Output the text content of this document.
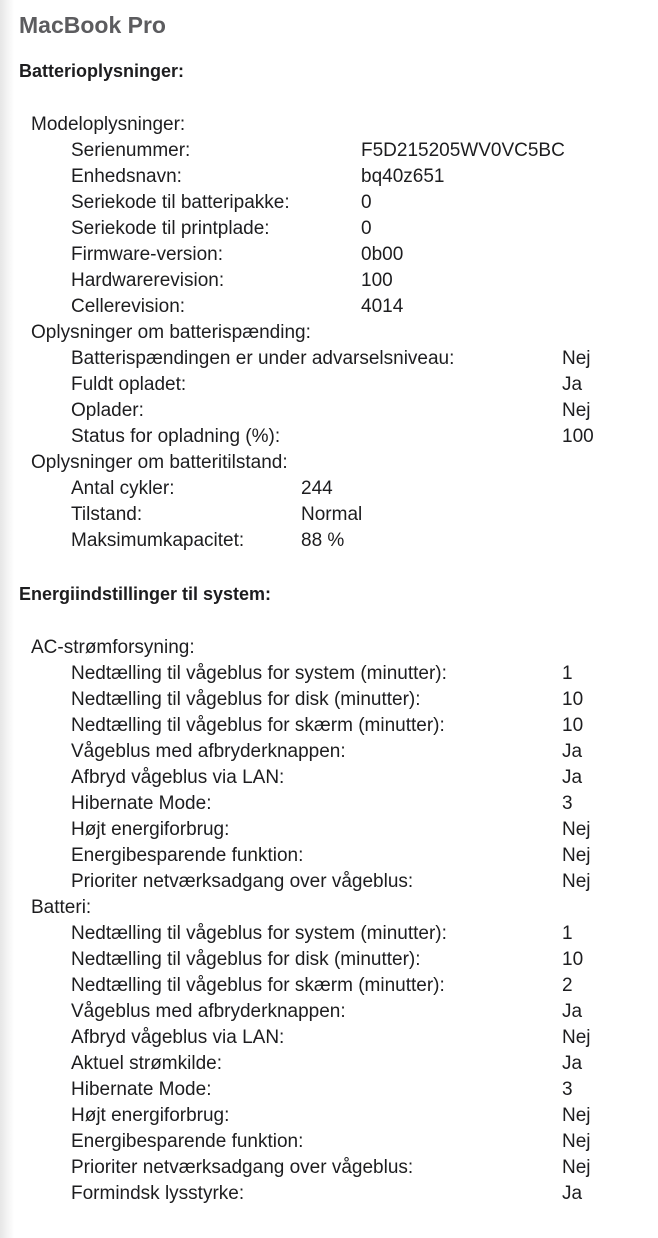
MacBook Pro
Batterioplysninger:
Modeloplysninger:
Serienummer:	F5D215205WV0VC5BC
Enhedsnavn:	bq40z651
Seriekode til batteripakke:	0
Seriekode til printplade:	0
Firmware-version:	0b00
Hardwarerevision:	100
Cellerevision:	4014
Oplysninger om batterispænding:
Batterispændingen er under advarselsniveau:	Nej
Fuldt opladet:	Ja
Oplader:	Nej
Status for opladning (%):	100
Oplysninger om batteritilstand:
Antal cykler:	244
Tilstand:	Normal
Maksimumkapacitet:	88 %
Energiindstillinger til system:
AC-strømforsyning:
Nedtælling til vågeblus for system (minutter):	1
Nedtælling til vågeblus for disk (minutter):	10
Nedtælling til vågeblus for skærm (minutter):	10
Vågeblus med afbryderknappen:	Ja
Afbryd vågeblus via LAN:	Ja
Hibernate Mode:	3
Højt energiforbrug:	Nej
Energibesparende funktion:	Nej
Prioriter netværksadgang over vågeblus:	Nej
Batteri:
Nedtælling til vågeblus for system (minutter):	1
Nedtælling til vågeblus for disk (minutter):	10
Nedtælling til vågeblus for skærm (minutter):	2
Vågeblus med afbryderknappen:	Ja
Afbryd vågeblus via LAN:	Nej
Aktuel strømkilde:	Ja
Hibernate Mode:	3
Højt energiforbrug:	Nej
Energibesparende funktion:	Nej
Prioriter netværksadgang over vågeblus:	Nej
Formindsk lysstyrke:	Ja
